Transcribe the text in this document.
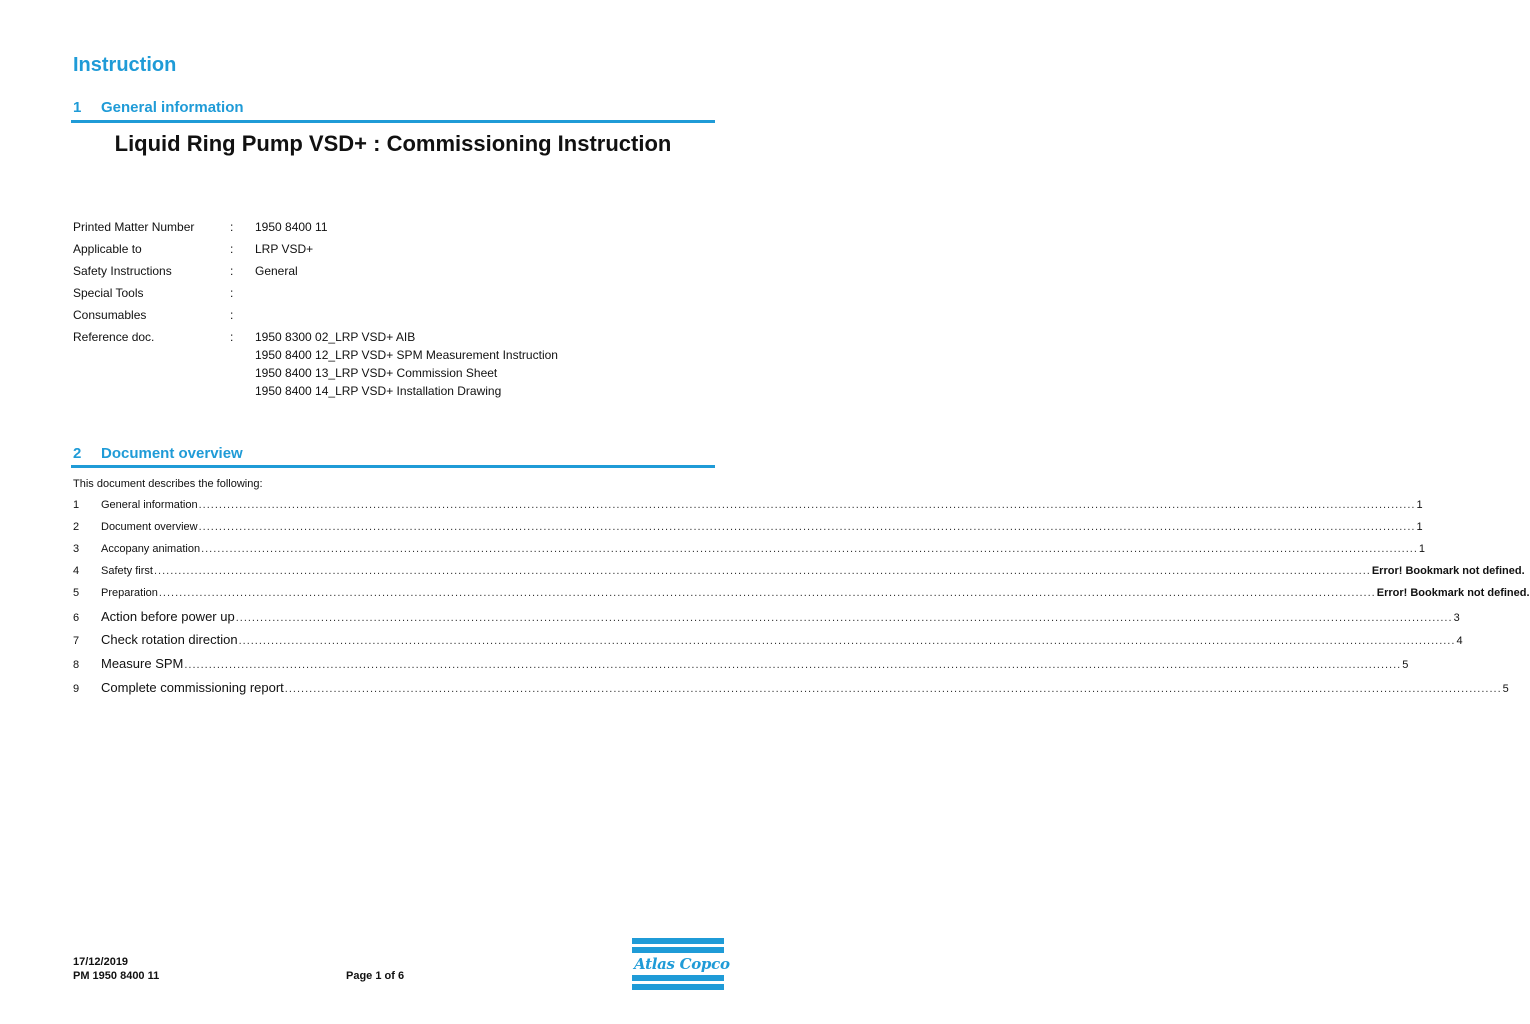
Instruction
1 General information
Liquid Ring Pump VSD+ : Commissioning Instruction
Printed Matter Number	: 1950 8400 11
Applicable to	: LRP VSD+
Safety Instructions	: General
Special Tools	:
Consumables	:
Reference doc.	: 1950 8300 02_LRP VSD+ AIB
1950 8400 12_LRP VSD+ SPM Measurement Instruction
1950 8400 13_LRP VSD+ Commission Sheet
1950 8400 14_LRP VSD+ Installation Drawing
2 Document overview
This document describes the following:
1	General information ............................................................................................................................................................................................................................................................................................................ 1
2	Document overview ............................................................................................................................................................................................................................................................................................................ 1
3	Accopany animation ............................................................................................................................................................................................................................................................................................................ 1
4	Safety first ............................................................................................................................................................................................................................................................................................................ Error! Bookmark not defined.
5	Preparation ............................................................................................................................................................................................................................................................................................................ Error! Bookmark not defined.
6	Action before power up ............................................................................................................................................................................................................................................................................................................ 3
7	Check rotation direction ............................................................................................................................................................................................................................................................................................................ 4
8	Measure SPM ............................................................................................................................................................................................................................................................................................................ 5
9	Complete commissioning report ............................................................................................................................................................................................................................................................................................................ 5
17/12/2019
PM 1950 8400 11	Page 1 of 6
Atlas Copco
